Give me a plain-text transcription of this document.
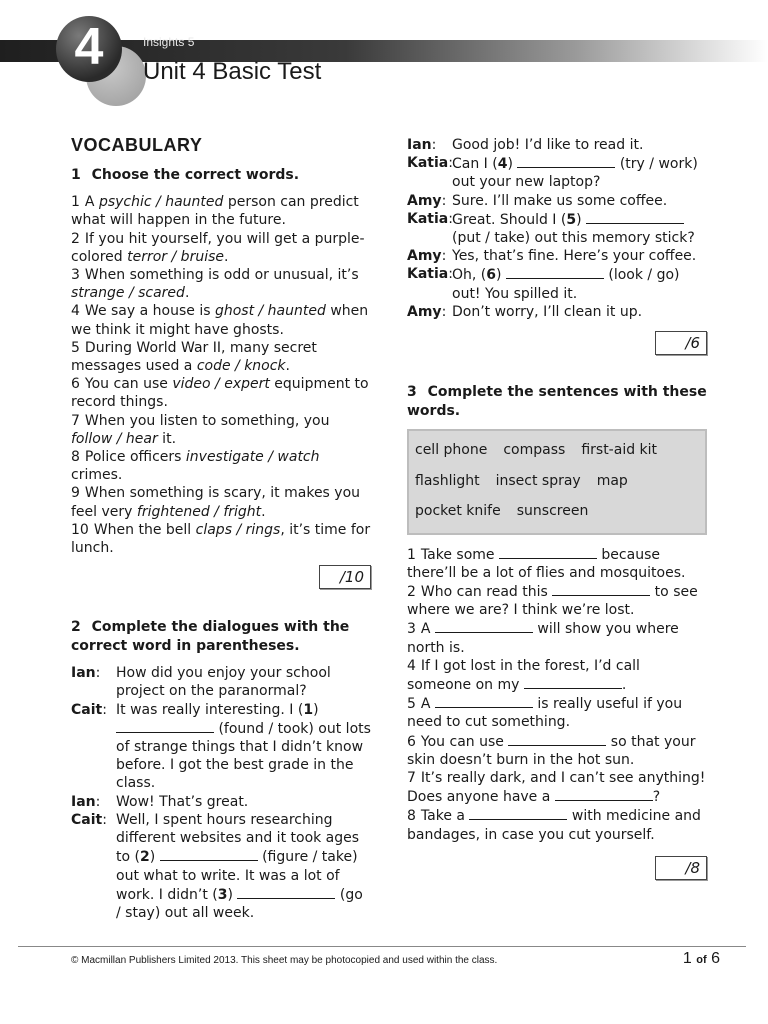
4	Insights 5
Unit 4 Basic Test
VOCABULARY
1 Choose the correct words.
1 A psychic / haunted person can predict what will happen in the future.
2 If you hit yourself, you will get a purple-colored terror / bruise.
3 When something is odd or unusual, it’s strange / scared.
4 We say a house is ghost / haunted when we think it might have ghosts.
5 During World War II, many secret messages used a code / knock.
6 You can use video / expert equipment to record things.
7 When you listen to something, you follow / hear it.
8 Police officers investigate / watch crimes.
9 When something is scary, it makes you feel very frightened / fright.
10 When the bell claps / rings, it’s time for lunch.
/10
2 Complete the dialogues with the correct word in parentheses.
Ian:	How did you enjoy your school project on the paranormal?
Cait: It was really interesting. I (1)  (found / took) out lots of strange things that I didn’t know before. I got the best grade in the class.
Ian:	Wow! That’s great.
Cait: Well, I spent hours researching different websites and it took ages to (2)	(figure / take) out what to write. It was a lot of work. I didn’t (3)	(go / stay) out all week.
Ian:	Good job! I’d like to read it.
Katia: Can I (4)	(try / work) out your new laptop?
Amy: Sure. I’ll make us some coffee.
Katia: Great. Should I (5)  (put / take) out this memory stick?
Amy: Yes, that’s fine. Here’s your coffee.
Katia: Oh, (6)	(look / go) out! You spilled it.
Amy: Don’t worry, I’ll clean it up.
/6
3 Complete the sentences with these words.
cell phone	compass	first-aid kit
flashlight	insect spray	map
pocket knife	sunscreen
1 Take some	because there’ll be a lot of flies and mosquitoes.
2 Who can read this	to see where we are? I think we’re lost.
3 A	will show you where north is.
4 If I got lost in the forest, I’d call someone on my	.
5 A	is really useful if you need to cut something.
6 You can use	so that your skin doesn’t burn in the hot sun.
7 It’s really dark, and I can’t see anything! Does anyone have a	?
8 Take a	with medicine and bandages, in case you cut yourself.
/8
© Macmillan Publishers Limited 2013. This sheet may be photocopied and used within the class.	1 of 6
